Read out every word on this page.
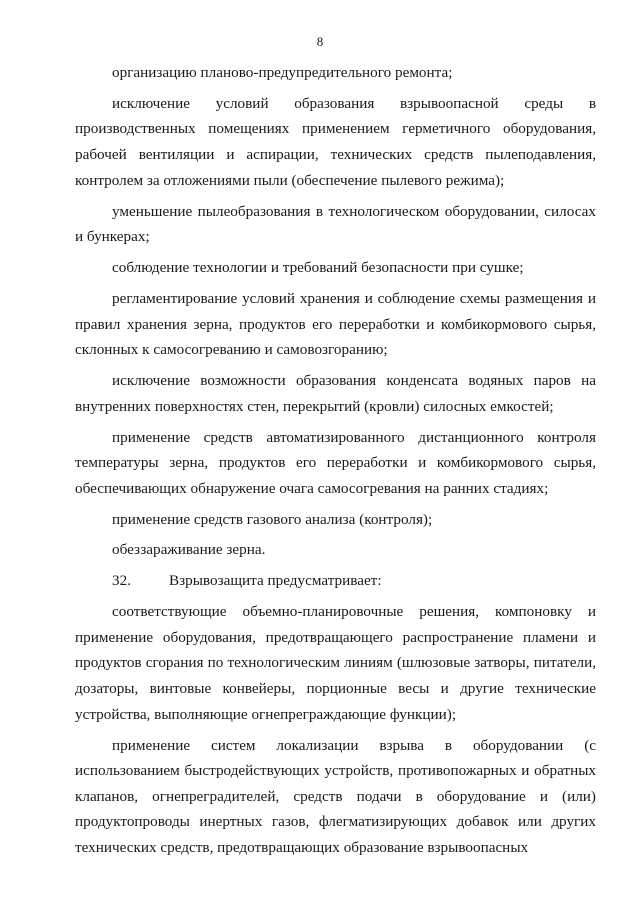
8

организацию планово-предупредительного ремонта;

исключение условий образования взрывоопасной среды в производственных помещениях применением герметичного оборудования, рабочей вентиляции и аспирации, технических средств пылеподавления, контролем за отложениями пыли (обеспечение пылевого режима);

уменьшение пылеобразования в технологическом оборудовании, силосах и бункерах;

соблюдение технологии и требований безопасности при сушке;

регламентирование условий хранения и соблюдение схемы размещения и правил хранения зерна, продуктов его переработки и комбикормового сырья, склонных к самосогреванию и самовозгоранию;

исключение возможности образования конденсата водяных паров на внутренних поверхностях стен, перекрытий (кровли) силосных емкостей;

применение средств автоматизированного дистанционного контроля температуры зерна, продуктов его переработки и комбикормового сырья, обеспечивающих обнаружение очага самосогревания на ранних стадиях;

применение средств газового анализа (контроля);

обеззараживание зерна.

32.	Взрывозащита предусматривает:

соответствующие объемно-планировочные решения, компоновку и применение оборудования, предотвращающего распространение пламени и продуктов сгорания по технологическим линиям (шлюзовые затворы, питатели, дозаторы, винтовые конвейеры, порционные весы и другие технические устройства, выполняющие огнепреграждающие функции);

применение систем локализации взрыва в оборудовании (с использованием быстродействующих устройств, противопожарных и обратных клапанов, огнепреградителей, средств подачи в оборудование и (или) продуктопроводы инертных газов, флегматизирующих добавок или других технических средств, предотвращающих образование взрывоопасных
